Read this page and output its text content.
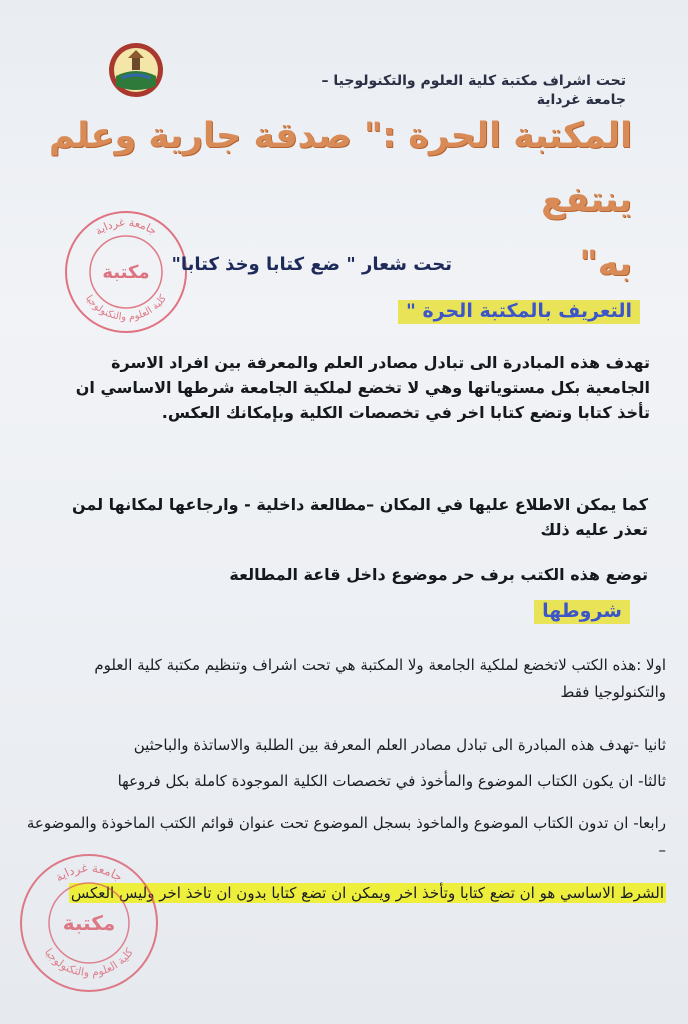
تحت اشراف مكتبة كلية العلوم والتكنولوجيا –جامعة غرداية
المكتبة الحرة :" صدقة جارية وعلم ينتفع
به"
جامعة غرداية
كلية العلوم والتكنولوجيا
مكتبة تحت شعار " ضع كتابا وخذ كتابا"
التعريف بالمكتبة الحرة "
تهدف هذه المبادرة الى تبادل مصادر العلم والمعرفة بين افراد الاسرة الجامعية بكل مستوياتها وهي لا تخضع لملكية الجامعة شرطها الاساسي ان تأخذ كتابا وتضع كتابا اخر في تخصصات الكلية وبإمكانك العكس.
كما يمكن الاطلاع عليها في المكان –مطالعة داخلية - وارجاعها لمكانها لمن تعذر عليه ذلك
توضع هذه الكتب برف حر موضوع داخل قاعة المطالعة
شروطها
اولا :هذه الكتب لاتخضع لملكية الجامعة ولا المكتبة هي تحت اشراف وتنظيم مكتبة كلية العلوم والتكنولوجيا فقط
ثانيا -تهدف هذه المبادرة الى تبادل مصادر العلم المعرفة بين الطلبة والاساتذة والباحثين
ثالثا- ان يكون الكتاب الموضوع والمأخوذ في تخصصات الكلية الموجودة كاملة بكل فروعها
رابعا- ان تدون الكتاب الموضوع والماخوذ بسجل الموضوع تحت عنوان قوائم الكتب الماخوذة والموضوعة –
الشرط الاساسي هو ان تضع كتابا وتأخذ اخر ويمكن ان تضع كتابا بدون ان تاخذ اخر وليس العكس
جامعة غرداية
كلية العلوم والتكنولوجيا
مكتبة
